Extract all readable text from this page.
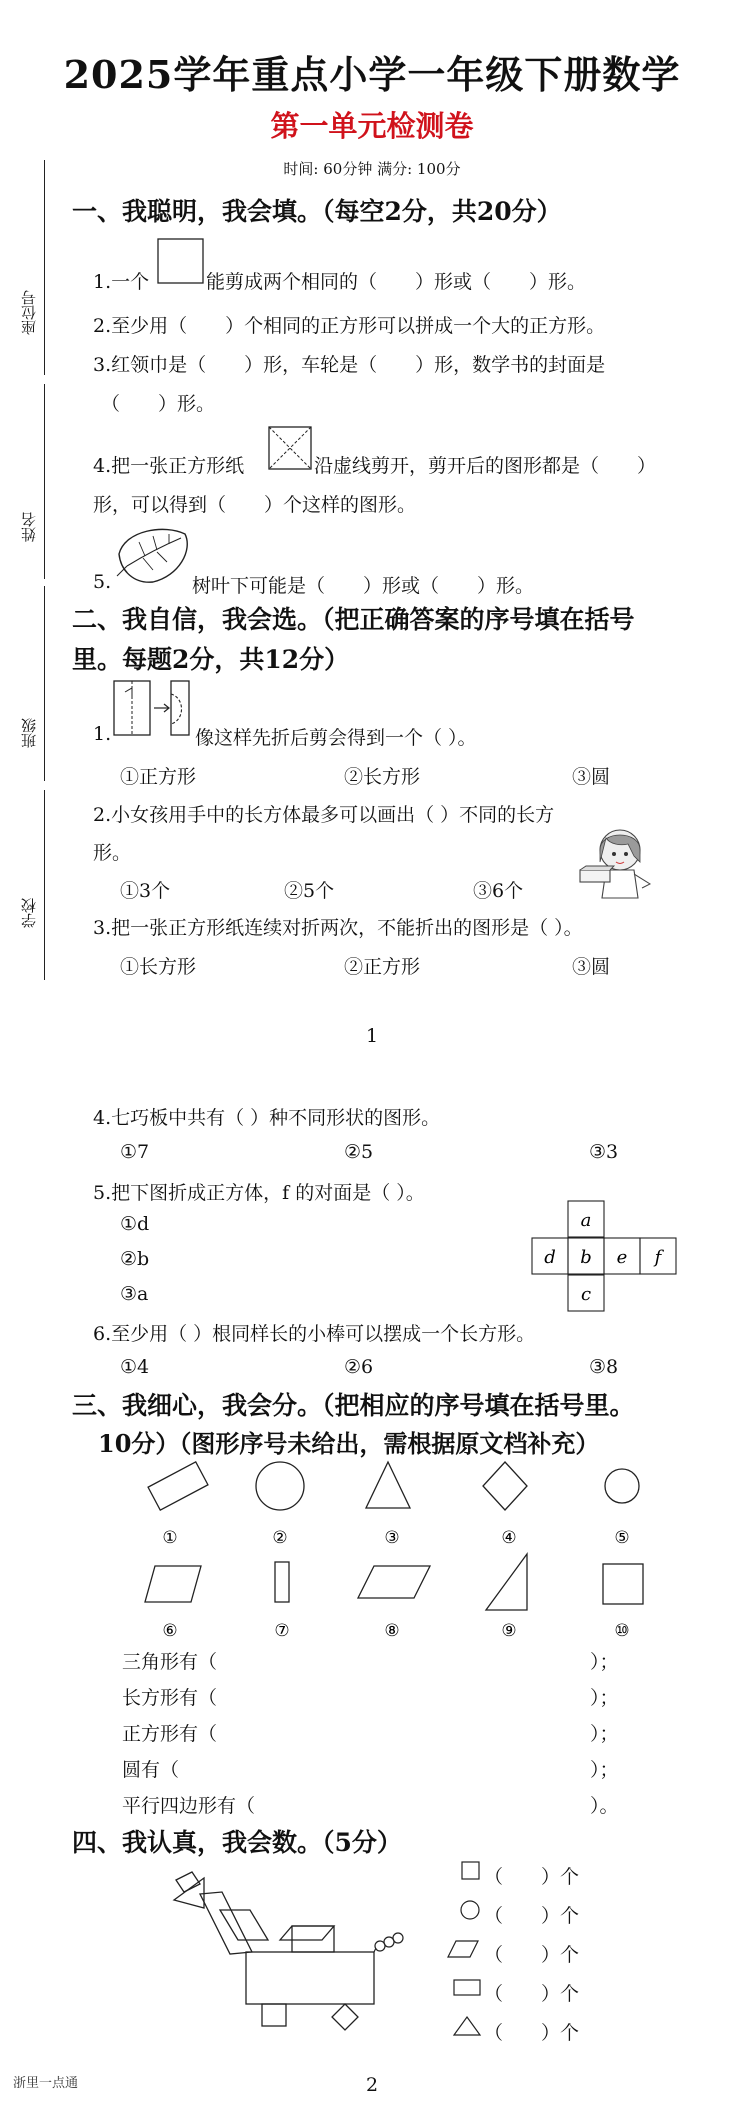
2025学年重点小学一年级下册数学
第一单元检测卷
时间: 60分钟 满分: 100分
座位号
姓名
班级
学校
一、我聪明，我会填。（每空2分，共20分）
1.一个	能剪成两个相同的（　　）形或（　　）形。
2.至少用（　　）个相同的正方形可以拼成一个大的正方形。
3.红领巾是（　　）形，车轮是（　　）形，数学书的封面是
（　　）形。
4.把一张正方形纸	沿虚线剪开，剪开后的图形都是（　　）
形，可以得到（　　）个这样的图形。
5.	树叶下可能是（　　）形或（　　）形。
二、我自信，我会选。（把正确答案的序号填在括号
里。每题2分，共12分）
1.	像这样先折后剪会得到一个（ ）。
①正方形	②长方形	③圆
2.小女孩用手中的长方体最多可以画出（ ）不同的长方
形。
①3个	②5个	③6个
3.把一张正方形纸连续对折两次，不能折出的图形是（ ）。
①长方形	②正方形	③圆
1
4.七巧板中共有（ ）种不同形状的图形。
①7	②5	③3
5.把下图折成正方体，f 的对面是（ ）。
①d
②b
③a
a
d b e f
c
6.至少用（ ）根同样长的小棒可以摆成一个长方形。
①4	②6	③8
三、我细心，我会分。（把相应的序号填在括号里。
10分）（图形序号未给出，需根据原文档补充）
①	②	③	④	⑤
⑥	⑦	⑧	⑨	⑩
三角形有（	）；
长方形有（	）；
正方形有（	）；
圆有（	）；
平行四边形有（	）。
四、我认真，我会数。（5分）
（　　）个
（　　）个
（　　）个
（　　）个
（　　）个
浙里一点通	2
